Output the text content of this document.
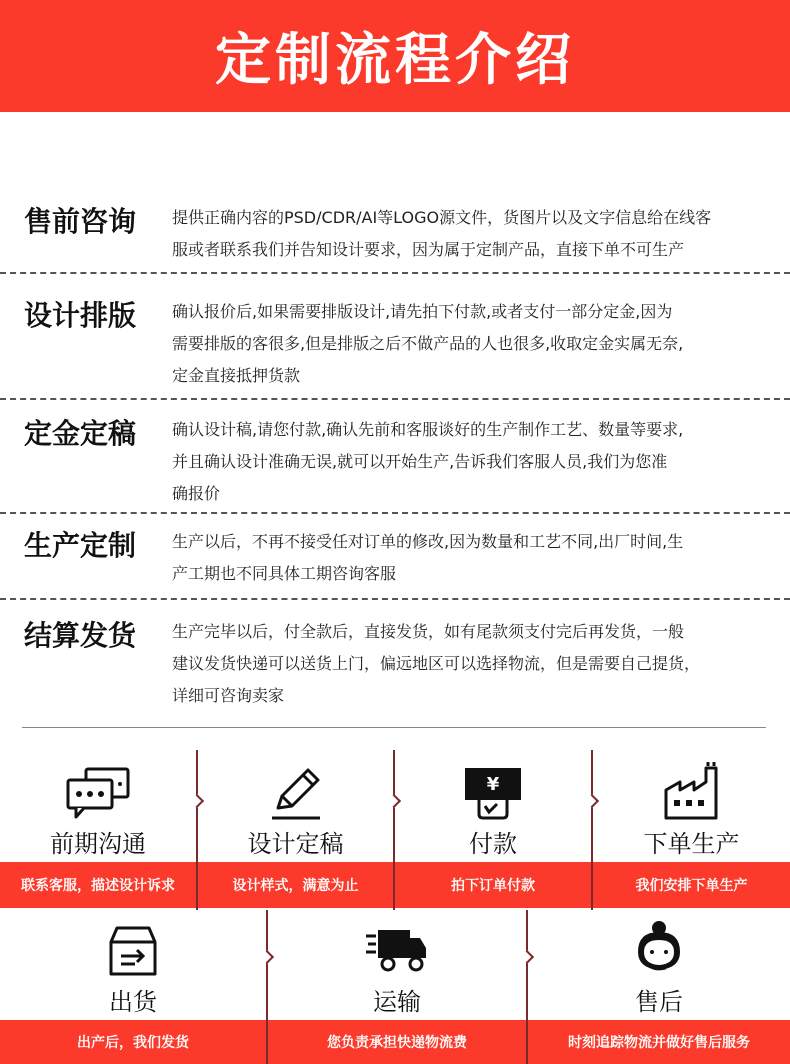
定制流程介绍
售前咨询 提供正确内容的PSD/CDR/AI等LOGO源文件，货图片以及文字信息给在线客
服或者联系我们并告知设计要求，因为属于定制产品，直接下单不可生产
设计排版 确认报价后,如果需要排版设计,请先拍下付款,或者支付一部分定金,因为
需要排版的客很多,但是排版之后不做产品的人也很多,收取定金实属无奈,
定金直接抵押货款
定金定稿 确认设计稿,请您付款,确认先前和客服谈好的生产制作工艺、数量等要求,
并且确认设计准确无误,就可以开始生产,告诉我们客服人员,我们为您准
确报价
生产定制 生产以后，不再不接受任对订单的修改,因为数量和工艺不同,出厂时间,生
产工期也不同具体工期咨询客服
结算发货 生产完毕以后，付全款后，直接发货，如有尾款须支付完后再发货，一般
建议发货快递可以送货上门，偏远地区可以选择物流，但是需要自己提货，
详细可咨询卖家
前期沟通	设计定稿
¥
付款	下单生产
联系客服，描述设计诉求	设计样式，满意为止	拍下订单付款	我们安排下单生产
出货	运输	售后
出产后，我们发货	您负责承担快递物流费	时刻追踪物流并做好售后服务
